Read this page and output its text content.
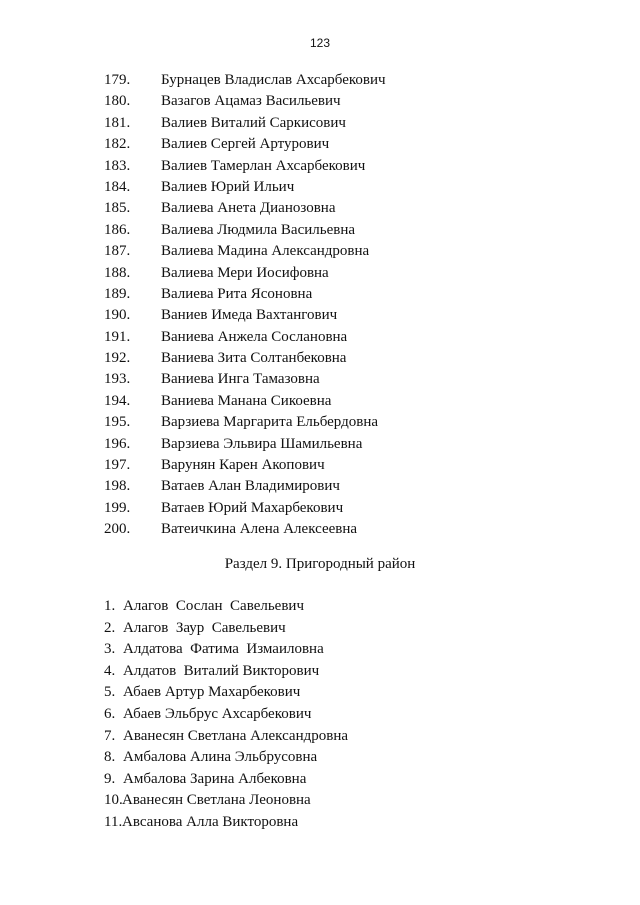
123
179. Бурнацев Владислав Ахсарбекович
180. Вазагов Ацамаз Васильевич
181. Валиев Виталий Саркисович
182. Валиев Сергей Артурович
183. Валиев Тамерлан Ахсарбекович
184. Валиев Юрий Ильич
185. Валиева Анета Дианозовна
186. Валиева Людмила Васильевна
187. Валиева Мадина Александровна
188. Валиева Мери Иосифовна
189. Валиева Рита Ясоновна
190. Ваниев Имеда Вахтангович
191. Ваниева Анжела Сослановна
192. Ваниева Зита Солтанбековна
193. Ваниева Инга Тамазовна
194. Ваниева Манана Сикоевна
195. Варзиева Маргарита Ельбердовна
196. Варзиева Эльвира Шамильевна
197. Варунян Карен Акопович
198. Ватаев Алан Владимирович
199. Ватаев Юрий Махарбекович
200. Ватеичкина Алена Алексеевна
Раздел 9. Пригородный район
1. Алагов  Сослан  Савельевич
2. Алагов  Заур  Савельевич
3. Алдатова  Фатима  Измаиловна
4. Алдатов  Виталий Викторович
5. Абаев Артур Махарбекович
6. Абаев Эльбрус Ахсарбекович
7. Аванесян Светлана Александровна
8. Амбалова Алина Эльбрусовна
9. Амбалова Зарина Албековна
10.Аванесян Светлана Леоновна
11.Авсанова Алла Викторовна
